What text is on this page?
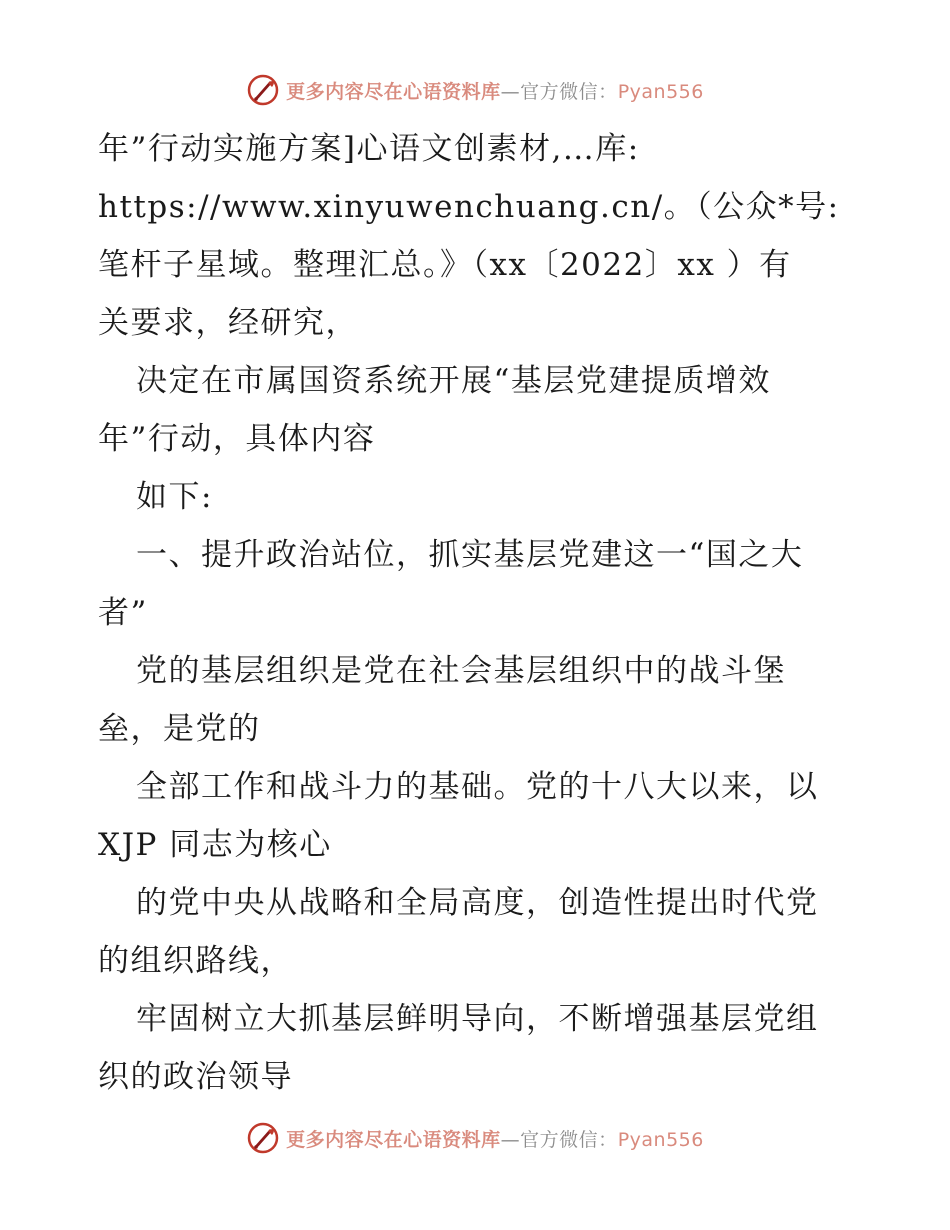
更多内容尽在心语资料库—官方微信：Pyan556
年”行动实施方案]心语文创素材,…库:
https://www.xinyuwenchuang.cn/。（公众*号:
笔杆子星域。整理汇总。》（xx〔2022〕xx ）有
关要求，经研究，
决定在市属国资系统开展“基层党建提质增效
年”行动，具体内容
如下:
一、提升政治站位，抓实基层党建这一“国之大
者”
党的基层组织是党在社会基层组织中的战斗堡
垒，是党的
全部工作和战斗力的基础。党的十八大以来，以
XJP 同志为核心
的党中央从战略和全局高度，创造性提出时代党
的组织路线，
牢固树立大抓基层鲜明导向，不断增强基层党组
织的政治领导
更多内容尽在心语资料库—官方微信：Pyan556
